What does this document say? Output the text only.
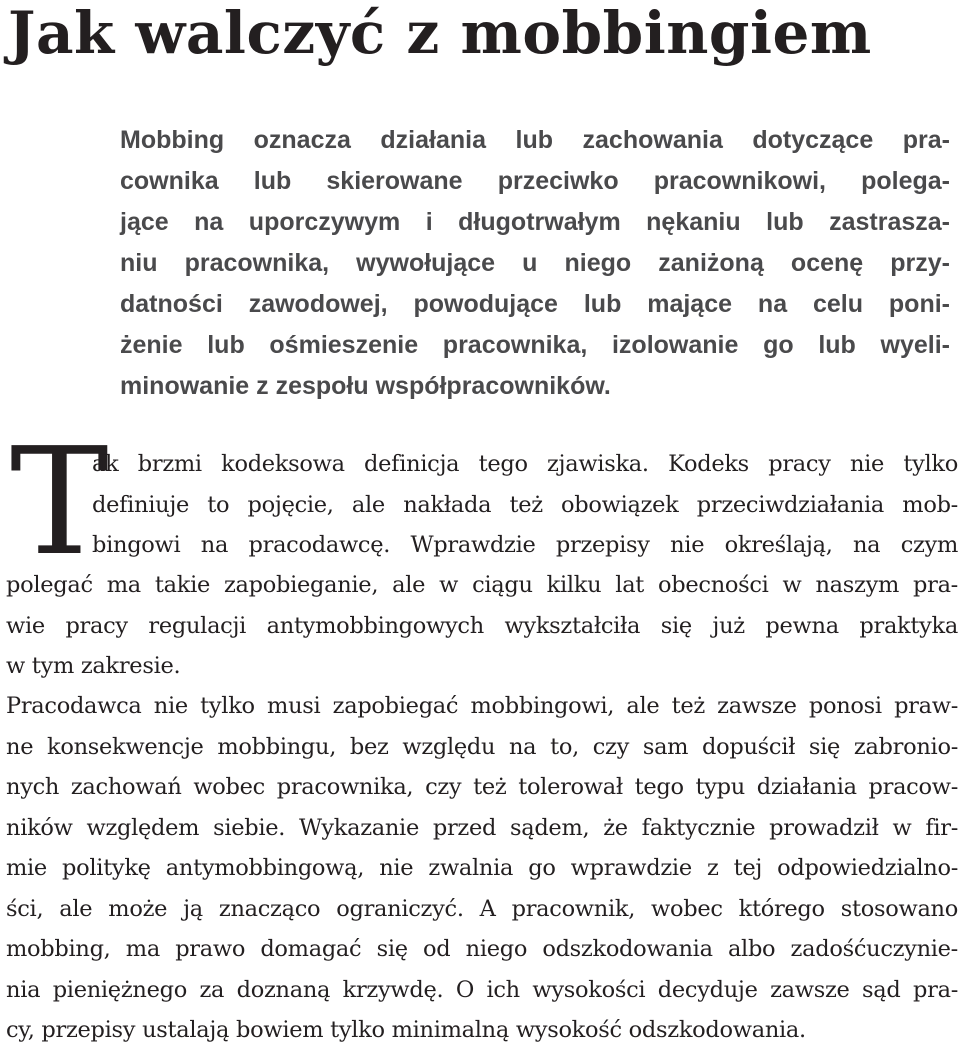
Jak walczyć z mobbingiem
Mobbing oznacza działania lub zachowania dotyczące pra-
cownika lub skierowane przeciwko pracownikowi, polega-
jące na uporczywym i długotrwałym nękaniu lub zastrasza-
niu pracownika, wywołujące u niego zaniżoną ocenę przy-
datności zawodowej, powodujące lub mające na celu poni-
żenie lub ośmieszenie pracownika, izolowanie go lub wyeli-
minowanie z zespołu współpracowników.
T
ak brzmi kodeksowa definicja tego zjawiska. Kodeks pracy nie tylko
definiuje to pojęcie, ale nakłada też obowiązek przeciwdziałania mob-
bingowi na pracodawcę. Wprawdzie przepisy nie określają, na czym
polegać ma takie zapobieganie, ale w ciągu kilku lat obecności w naszym pra-
wie pracy regulacji antymobbingowych wykształciła się już pewna praktyka
w tym zakresie.
Pracodawca nie tylko musi zapobiegać mobbingowi, ale też zawsze ponosi praw-
ne konsekwencje mobbingu, bez względu na to, czy sam dopuścił się zabronio-
nych zachowań wobec pracownika, czy też tolerował tego typu działania pracow-
ników względem siebie. Wykazanie przed sądem, że faktycznie prowadził w fir-
mie politykę antymobbingową, nie zwalnia go wprawdzie z tej odpowiedzialno-
ści, ale może ją znacząco ograniczyć. A pracownik, wobec którego stosowano
mobbing, ma prawo domagać się od niego odszkodowania albo zadośćuczynie-
nia pieniężnego za doznaną krzywdę. O ich wysokości decyduje zawsze sąd pra-
cy, przepisy ustalają bowiem tylko minimalną wysokość odszkodowania.
